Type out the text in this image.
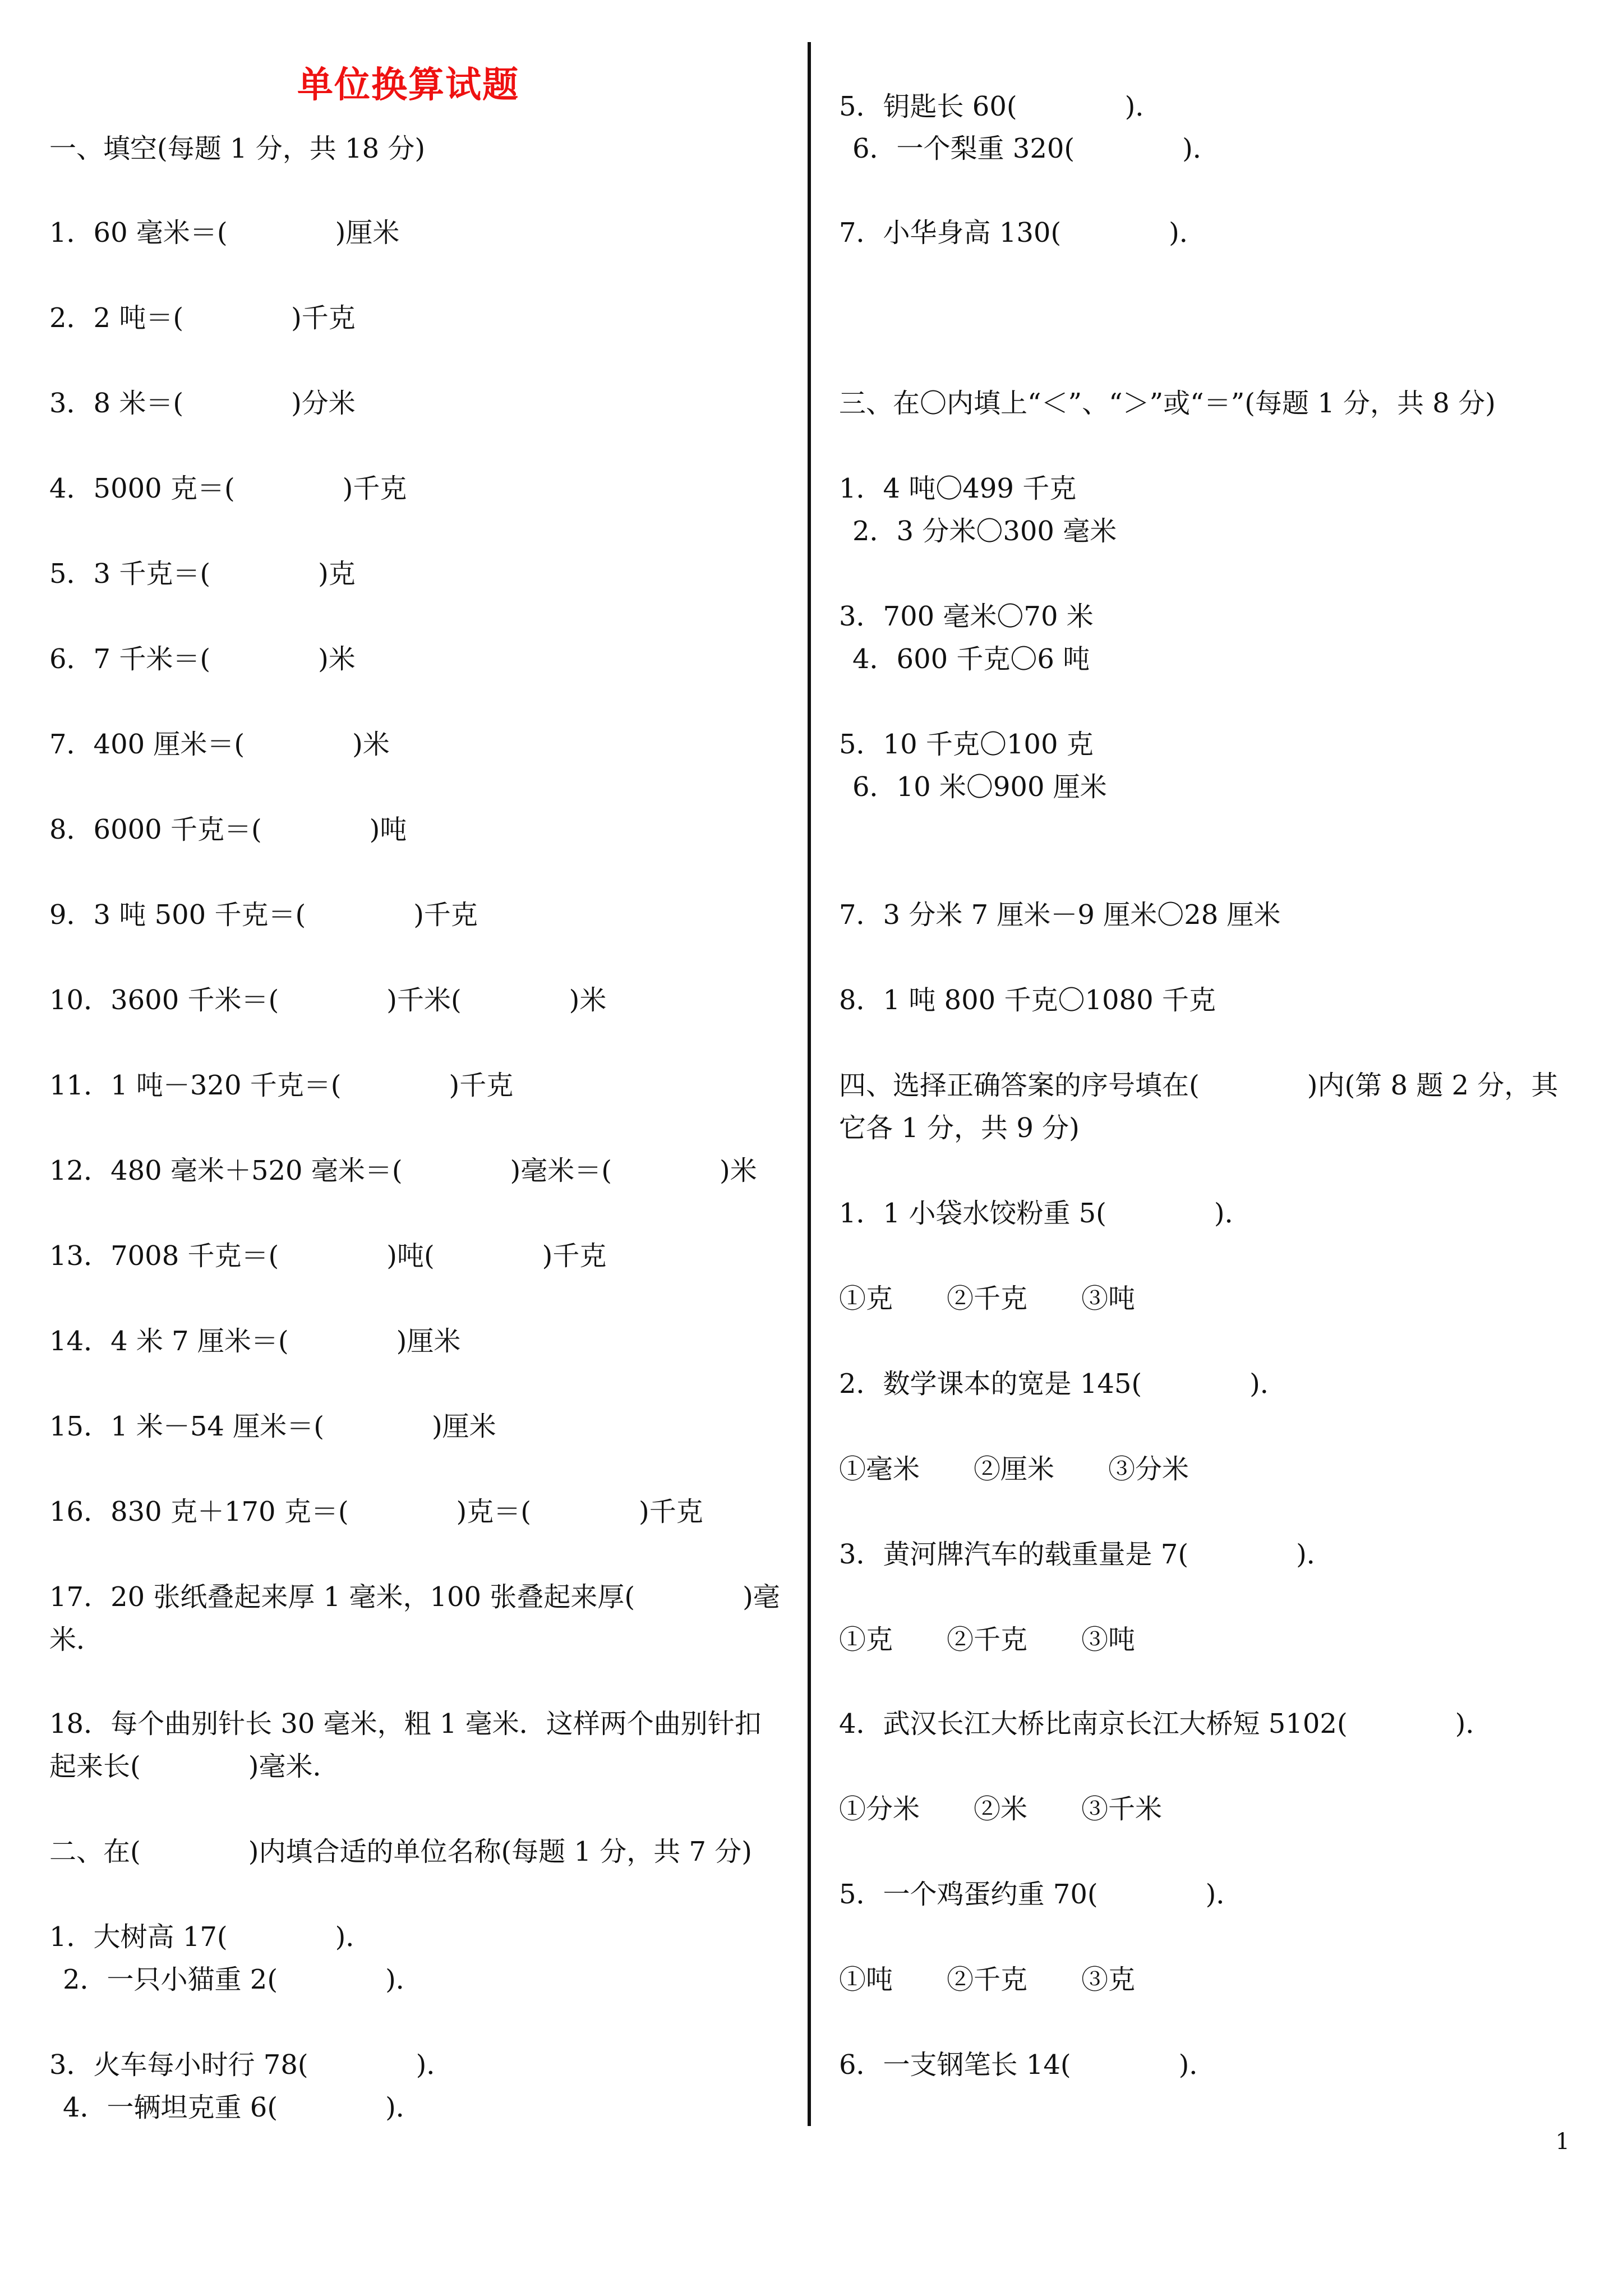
单位换算试题
一、填空(每题 1 分，共 18 分)
1．60 毫米＝(　　　　)厘米
2．2 吨＝(　　　　)千克
3．8 米＝(　　　　)分米
4．5000 克＝(　　　　)千克
5．3 千克＝(　　　　)克
6．7 千米＝(　　　　)米
7．400 厘米＝(　　　　)米
8．6000 千克＝(　　　　)吨
9．3 吨 500 千克＝(　　　　)千克
10．3600 千米＝(　　　　)千米(　　　　)米
11．1 吨－320 千克＝(　　　　)千克
12．480 毫米＋520 毫米＝(　　　　)毫米＝(　　　　)米
13．7008 千克＝(　　　　)吨(　　　　)千克
14．4 米 7 厘米＝(　　　　)厘米
15．1 米－54 厘米＝(　　　　)厘米
16．830 克＋170 克＝(　　　　)克＝(　　　　)千克
17．20 张纸叠起来厚 1 毫米，100 张叠起来厚(　　　　)毫
米．
18．每个曲别针长 30 毫米，粗 1 毫米．这样两个曲别针扣
起来长(　　　　)毫米．
二、在(　　　　)内填合适的单位名称(每题 1 分，共 7 分)
1．大树高 17(　　　　)．
2．一只小猫重 2(　　　　)．
3．火车每小时行 78(　　　　)．
4．一辆坦克重 6(　　　　)．
5．钥匙长 60(　　　　)．
6．一个梨重 320(　　　　)．
7．小华身高 130(　　　　)．
三、在〇内填上“＜”、“＞”或“＝”(每题 1 分，共 8 分)
1．4 吨〇499 千克
2．3 分米〇300 毫米
3．700 毫米〇70 米
4．600 千克〇6 吨
5．10 千克〇100 克
6．10 米〇900 厘米
7．3 分米 7 厘米－9 厘米〇28 厘米
8．1 吨 800 千克〇1080 千克
四、选择正确答案的序号填在(　　　　)内(第 8 题 2 分，其
它各 1 分，共 9 分)
1．1 小袋水饺粉重 5(　　　　)．
①克　　②千克　　③吨
2．数学课本的宽是 145(　　　　)．
①毫米　　②厘米　　③分米
3．黄河牌汽车的载重量是 7(　　　　)．
①克　　②千克　　③吨
4．武汉长江大桥比南京长江大桥短 5102(　　　　)．
①分米　　②米　　③千米
5．一个鸡蛋约重 70(　　　　)．
①吨　　②千克　　③克
6．一支钢笔长 14(　　　　)．
1
